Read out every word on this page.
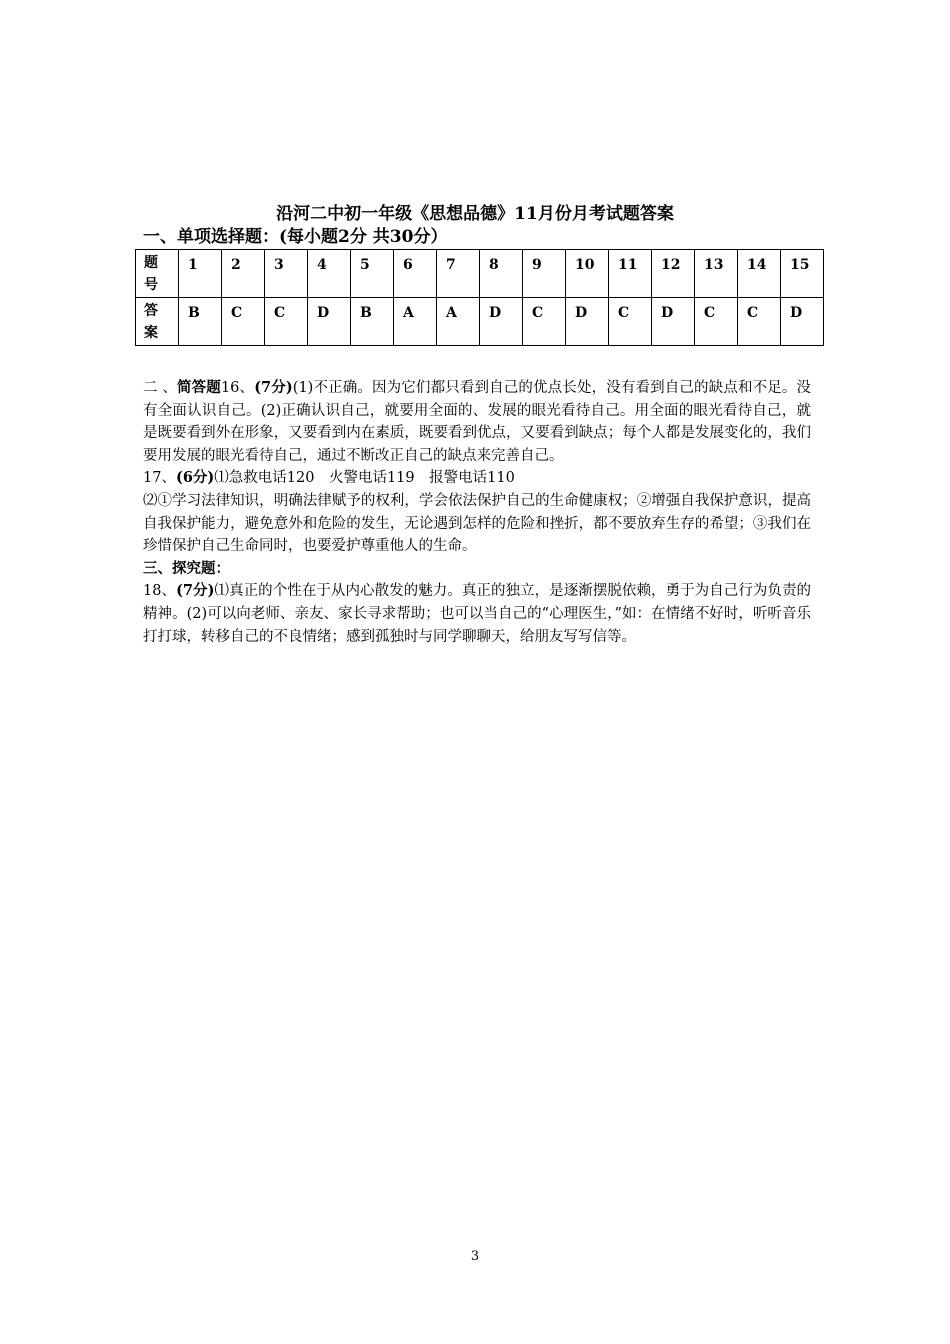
沿河二中初一年级《思想品德》11月份月考试题答案
一、单项选择题：(每小题2分 共30分）
题
号	1	2	3	4	5	6	7	8	9	10	11	12	13	14	15

答
案	B	C	C	D	B	A	A	D	C	D	C	D	C	C	D

二 、简答题16、(7分)(1)不正确。因为它们都只看到自己的优点长处，没有看到自己的缺点和不足。没有全面认识自己。(2)正确认识自己，就要用全面的、发展的眼光看待自己。用全面的眼光看待自己，就是既要看到外在形象，又要看到内在素质，既要看到优点，又要看到缺点；每个人都是发展变化的，我们要用发展的眼光看待自己，通过不断改正自己的缺点来完善自己。

17、(6分)⑴急救电话120　火警电话119　报警电话110

⑵①学习法律知识，明确法律赋予的权利，学会依法保护自己的生命健康权；②增强自我保护意识，提高自我保护能力，避免意外和危险的发生，无论遇到怎样的危险和挫折，都不要放弃生存的希望；③我们在珍惜保护自己生命同时，也要爱护尊重他人的生命。

三、探究题：

18、(7分)⑴真正的个性在于从内心散发的魅力。真正的独立，是逐渐摆脱依赖，勇于为自己行为负责的精神。(2)可以向老师、亲友、家长寻求帮助；也可以当自己的“心理医生，”如：在情绪不好时，听听音乐打打球，转移自己的不良情绪；感到孤独时与同学聊聊天，给朋友写写信等。

3
